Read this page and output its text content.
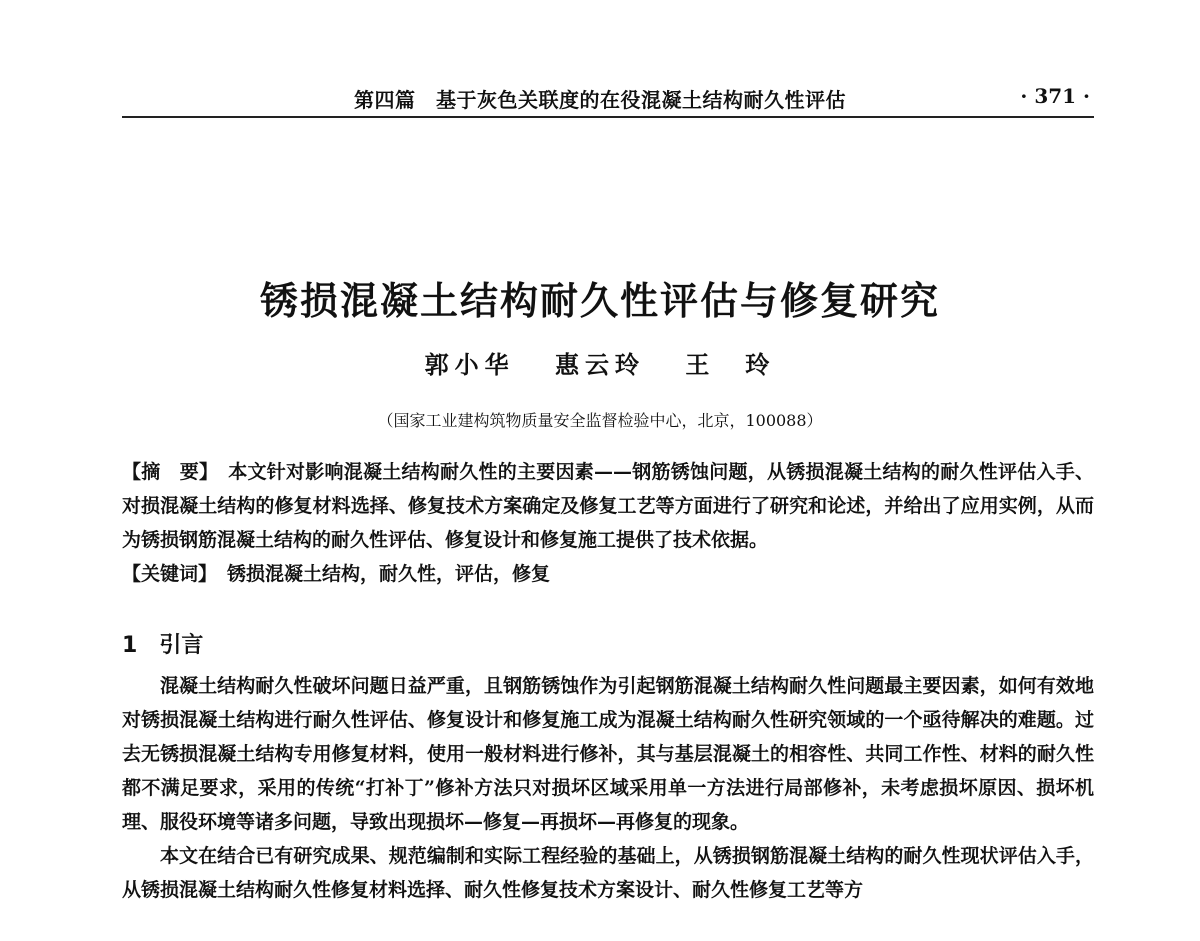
第四篇　基于灰色关联度的在役混凝土结构耐久性评估	· 371 ·
锈损混凝土结构耐久性评估与修复研究
郭小华 惠云玲 王　玲
（国家工业建构筑物质量安全监督检验中心，北京，100088）
【摘　要】 本文针对影响混凝土结构耐久性的主要因素——钢筋锈蚀问题，从锈损混凝土结构的耐久性评估入手、对损混凝土结构的修复材料选择、修复技术方案确定及修复工艺等方面进行了研究和论述，并给出了应用实例，从而为锈损钢筋混凝土结构的耐久性评估、修复设计和修复施工提供了技术依据。
【关键词】 锈损混凝土结构，耐久性，评估，修复
1 引言

混凝土结构耐久性破坏问题日益严重，且钢筋锈蚀作为引起钢筋混凝土结构耐久性问题最主要因素，如何有效地对锈损混凝土结构进行耐久性评估、修复设计和修复施工成为混凝土结构耐久性研究领域的一个亟待解决的难题。过去无锈损混凝土结构专用修复材料，使用一般材料进行修补，其与基层混凝土的相容性、共同工作性、材料的耐久性都不满足要求，采用的传统“打补丁”修补方法只对损坏区域采用单一方法进行局部修补，未考虑损坏原因、损坏机理、服役环境等诸多问题，导致出现损坏—修复—再损坏—再修复的现象。

本文在结合已有研究成果、规范编制和实际工程经验的基础上，从锈损钢筋混凝土结构的耐久性现状评估入手，从锈损混凝土结构耐久性修复材料选择、耐久性修复技术方案设计、耐久性修复工艺等方
